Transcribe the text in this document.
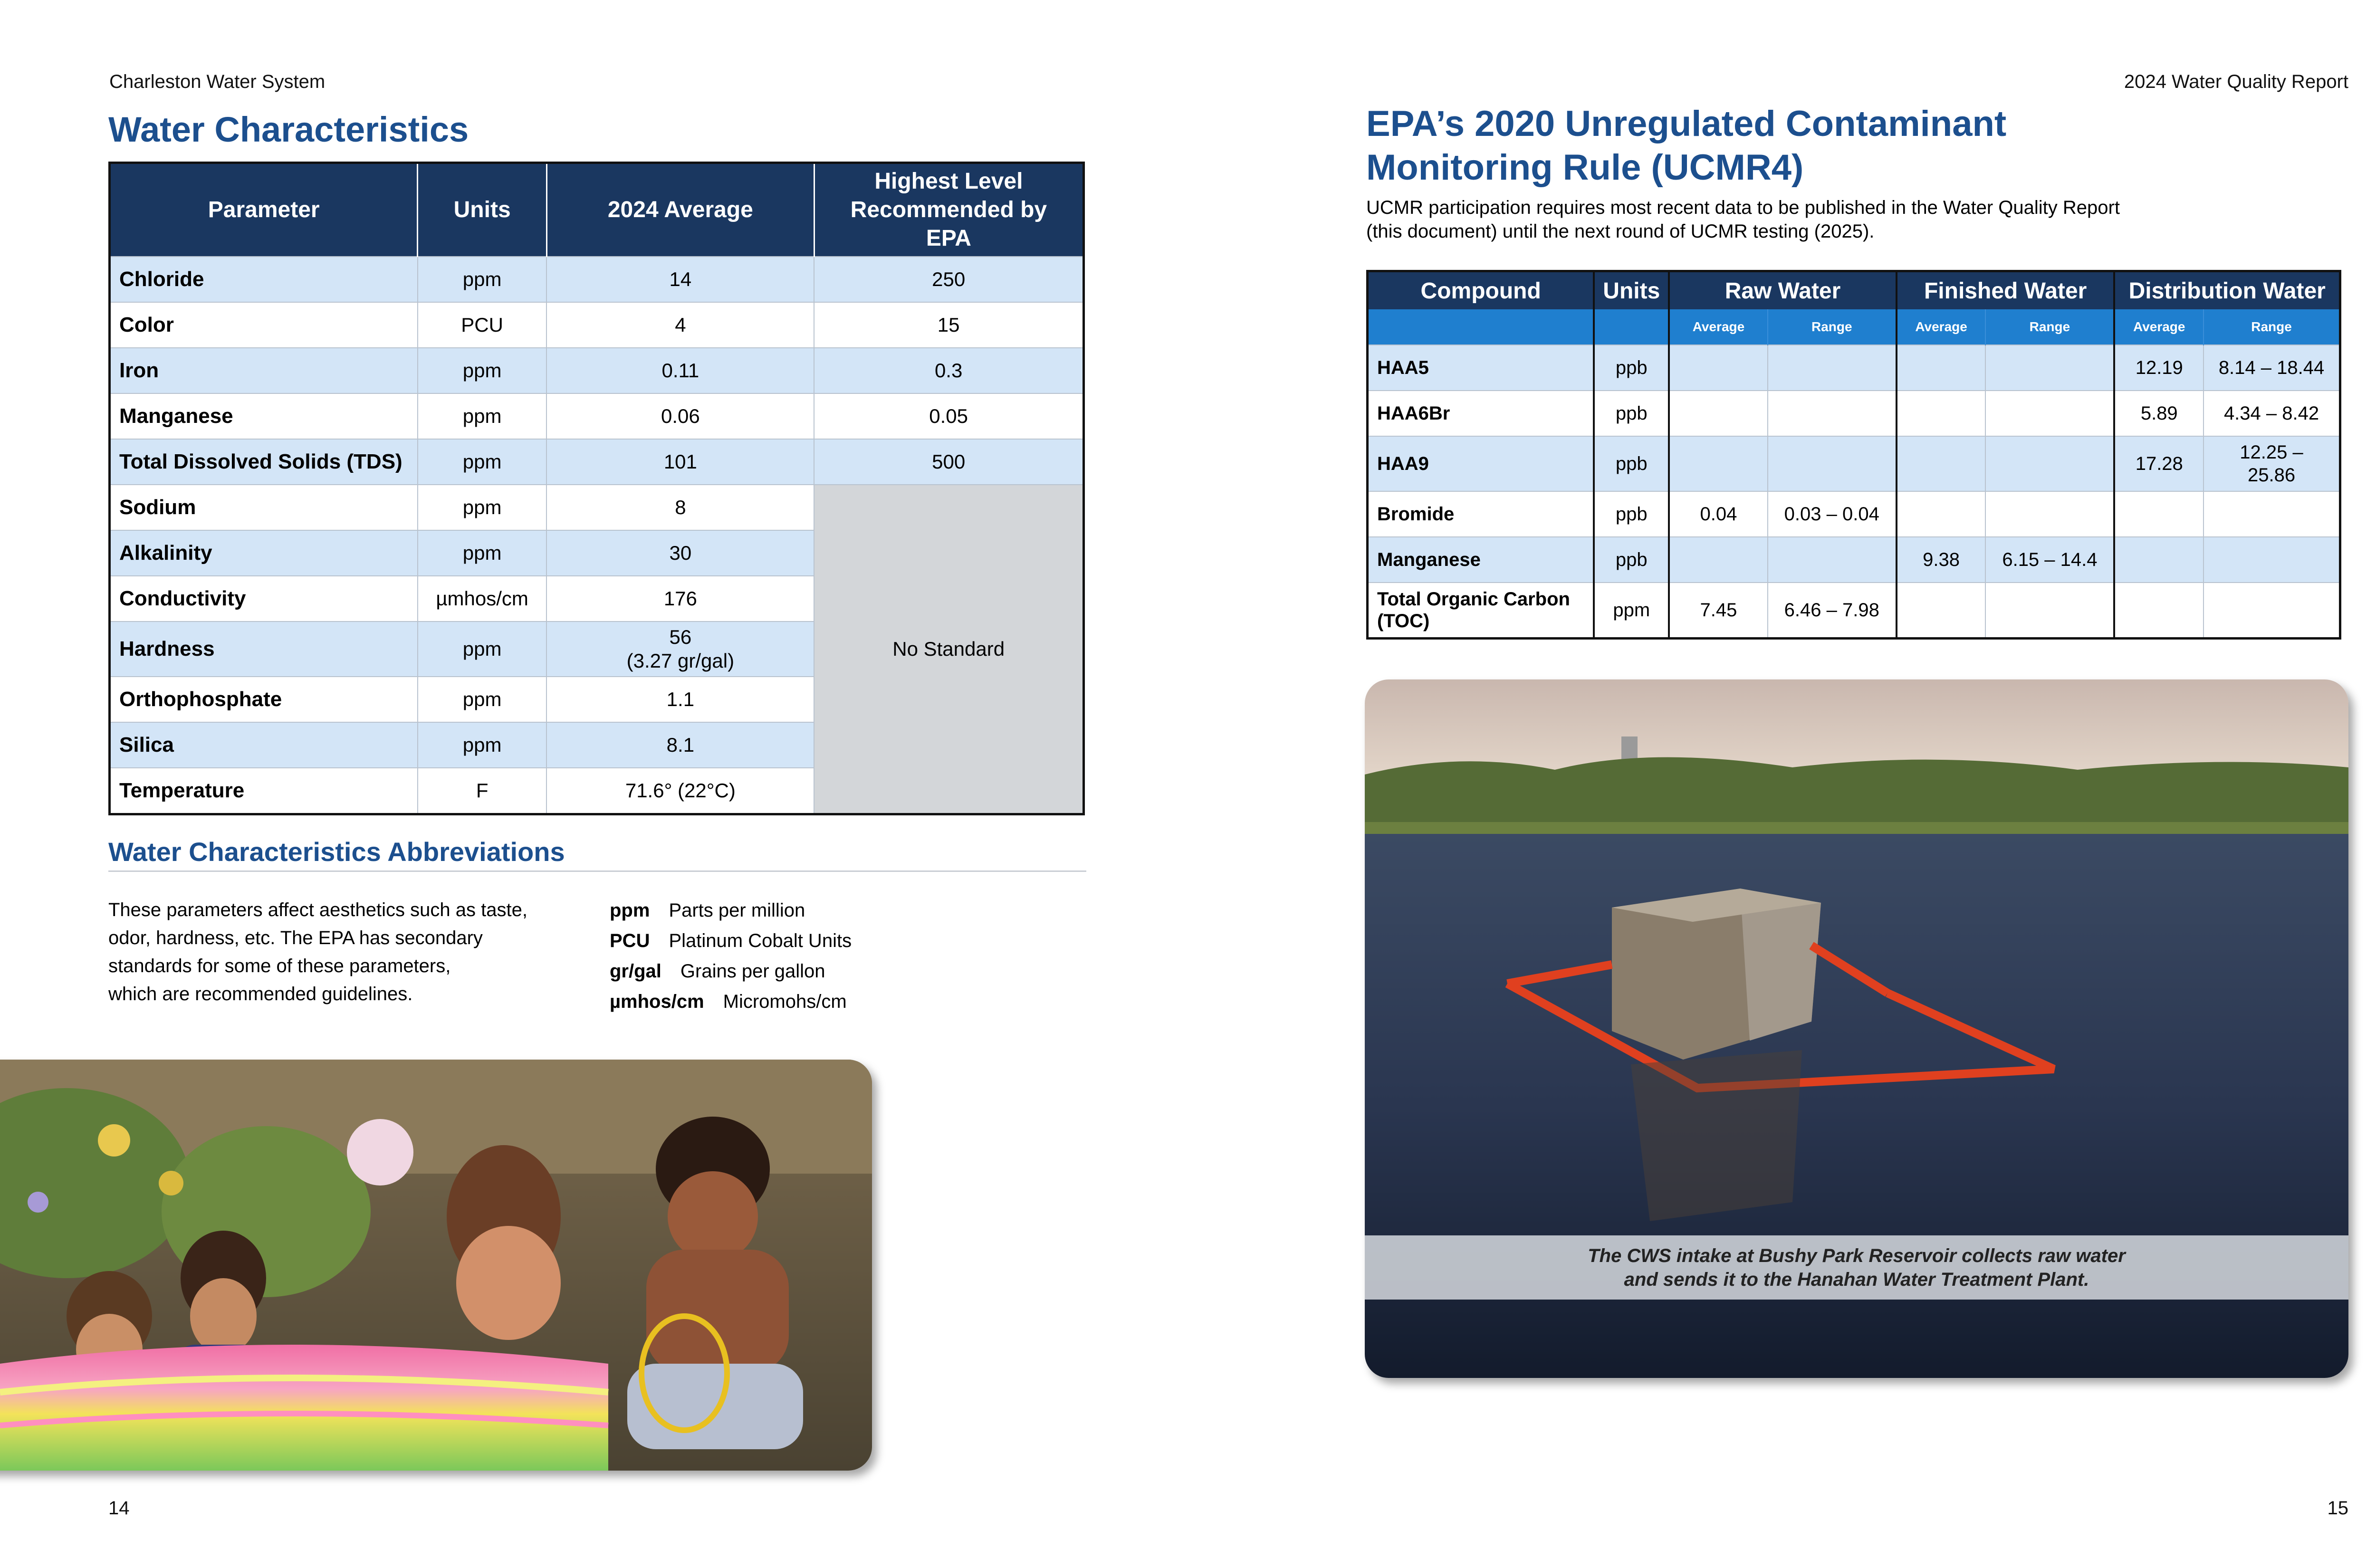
Charleston Water System
Water Characteristics
Parameter	Units	2024 Average	Highest Level Recommended by EPA
Chloride	ppm	14	250
Color	PCU	4	15
Iron	ppm	0.11	0.3
Manganese	ppm	0.06	0.05
Total Dissolved Solids (TDS)	ppm	101	500
Sodium	ppm	8	No Standard
Alkalinity	ppm	30	
Conductivity	µmhos/cm	176	
Hardness	ppm	56
(3.27 gr/gal)	

Orthophosphate	ppm	1.1	
Silica	ppm	8.1	
Temperature	F	71.6° (22°C)	
Water Characteristics Abbreviations
These parameters affect aesthetics such as taste,
odor, hardness, etc. The EPA has secondary
standards for some of these parameters,
which are recommended guidelines.
ppm Parts per million
PCU Platinum Cobalt Units
gr/gal Grains per gallon
µmhos/cm Micromohs/cm
14
2024 Water Quality Report
EPA’s 2020 Unregulated Contaminant
Monitoring Rule (UCMR4)
UCMR participation requires most recent data to be published in the Water Quality Report
(this document) until the next round of UCMR testing (2025).
Compound	Units	Raw Water		Finished Water		Distribution Water	
		Average	Range	Average	Range	Average	Range
HAA5	ppb					12.19	8.14 – 18.44
HAA6Br	ppb					5.89	4.34 – 8.42
HAA9	ppb					17.28	12.25 – 25.86
Bromide	ppb	0.04	0.03 – 0.04				
Manganese	ppb			9.38	6.15 – 14.4		
Total Organic Carbon (TOC)	ppm	7.45	6.46 – 7.98				
The CWS intake at Bushy Park Reservoir collects raw water
and sends it to the Hanahan Water Treatment Plant.
15
